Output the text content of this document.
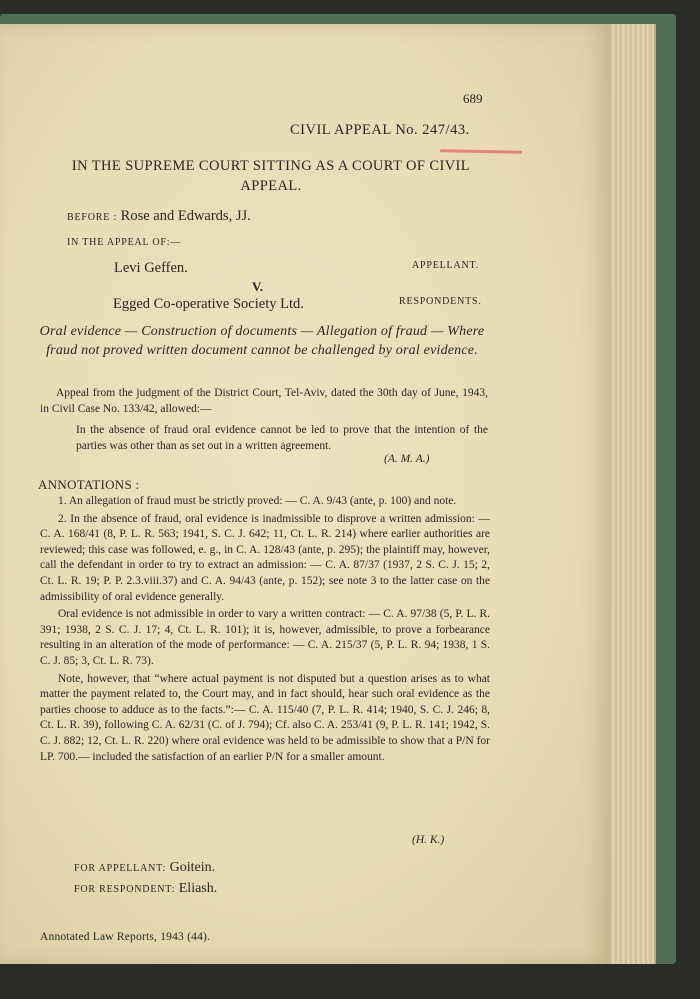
689
CIVIL APPEAL No. 247/43.
IN THE SUPREME COURT SITTING AS A COURT OF CIVIL APPEAL.
BEFORE : Rose and Edwards, JJ.
IN THE APPEAL OF:—
Levi Geffen.	APPELLANT.
V.
Egged Co-operative Society Ltd.	RESPONDENTS.
Oral evidence — Construction of documents — Allegation of fraud — Where fraud not proved written document cannot be challenged by oral evidence.
Appeal from the judgment of the District Court, Tel-Aviv, dated the 30th day of June, 1943, in Civil Case No. 133/42, allowed:—
In the absence of fraud oral evidence cannot be led to prove that the intention of the parties was other than as set out in a written agreement.
(A. M. A.)
ANNOTATIONS :

1. An allegation of fraud must be strictly proved: — C. A. 9/43 (ante, p. 100) and note.

2. In the absence of fraud, oral evidence is inadmissible to disprove a written admission: — C. A. 168/41 (8, P. L. R. 563; 1941, S. C. J. 642; 11, Ct. L. R. 214) where earlier authorities are reviewed; this case was followed, e. g., in C. A. 128/43 (ante, p. 295); the plaintiff may, however, call the defendant in order to try to extract an admission: — C. A. 87/37 (1937, 2 S. C. J. 15; 2, Ct. L. R. 19; P. P. 2.3.viii.37) and C. A. 94/43 (ante, p. 152); see note 3 to the latter case on the admissibility of oral evidence generally.

Oral evidence is not admissible in order to vary a written contract: — C. A. 97/38 (5, P. L. R. 391; 1938, 2 S. C. J. 17; 4, Ct. L. R. 101); it is, however, admissible, to prove a forbearance resulting in an alteration of the mode of performance: — C. A. 215/37 (5, P. L. R. 94; 1938, 1 S. C. J. 85; 3, Ct. L. R. 73).

Note, however, that “where actual payment is not disputed but a question arises as to what matter the payment related to, the Court may, and in fact should, hear such oral evidence as the parties choose to adduce as to the facts.”:— C. A. 115/40 (7, P. L. R. 414; 1940, S. C. J. 246; 8, Ct. L. R. 39), following C. A. 62/31 (C. of J. 794); Cf. also C. A. 253/41 (9, P. L. R. 141; 1942, S. C. J. 882; 12, Ct. L. R. 220) where oral evidence was held to be admissible to show that a P/N for LP. 700.— included the satisfaction of an earlier P/N for a smaller amount.

(H. K.)
FOR APPELLANT: Goitein.
FOR RESPONDENT: Eliash.
Annotated Law Reports, 1943 (44).
